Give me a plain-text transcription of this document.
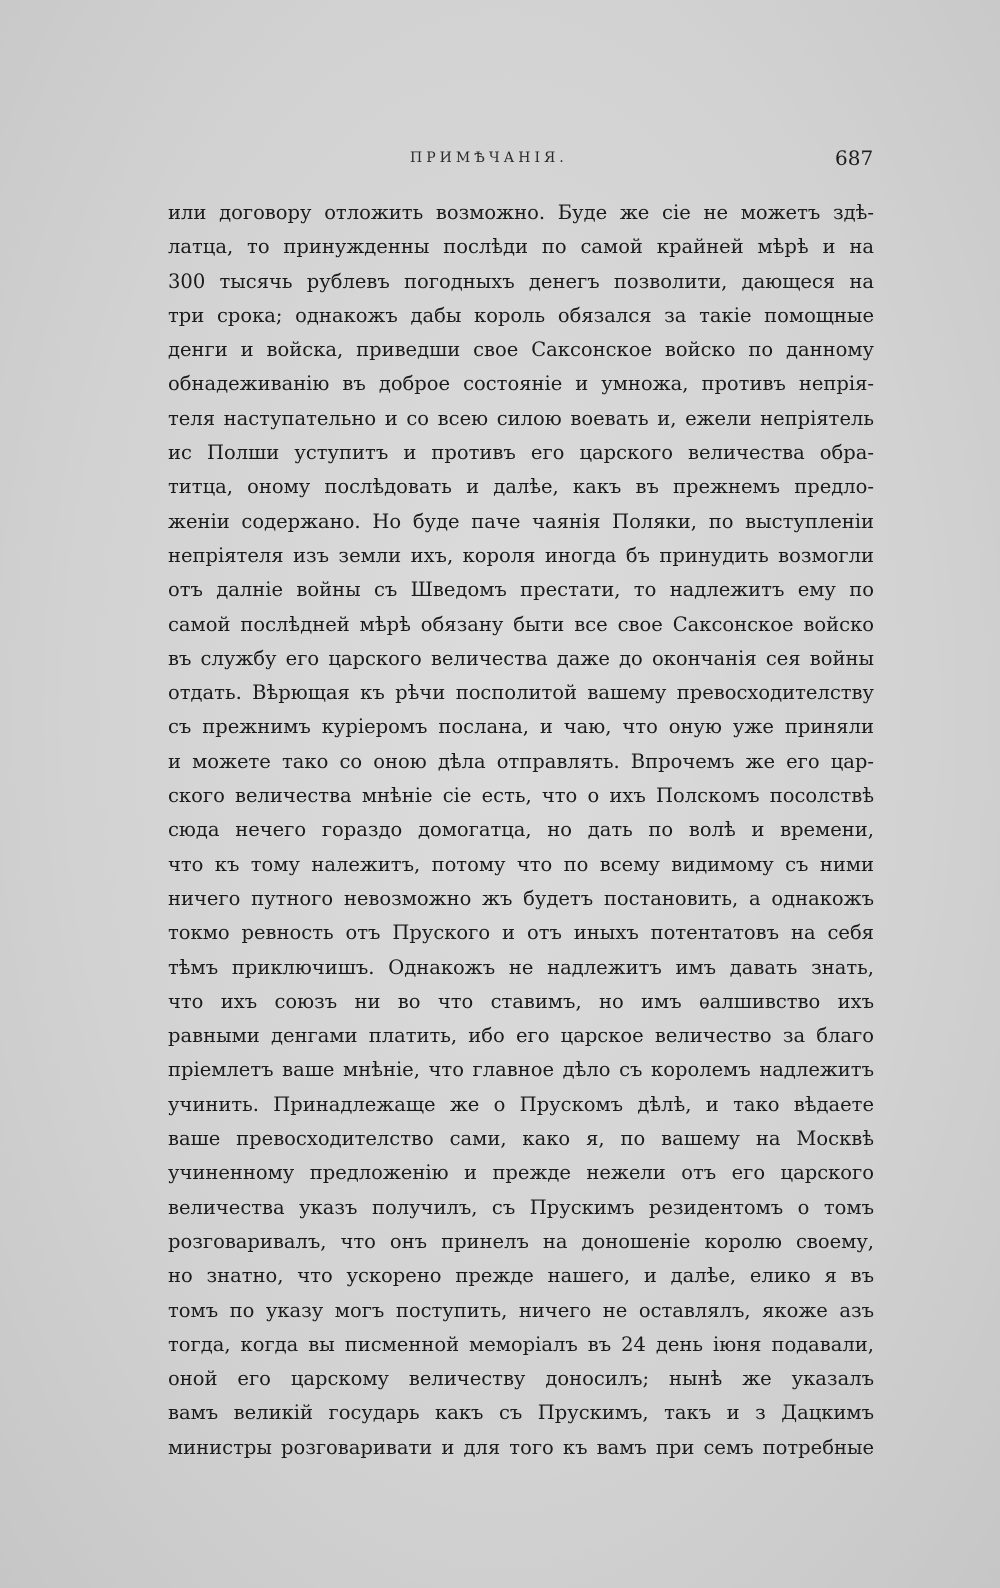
ПРИМѢЧАНІЯ.	687
или договору отложить возможно. Буде же сіе не можетъ здѣ-
латца, то принужденны послѣди по самой крайней мѣрѣ и на
300 тысячь рублевъ погодныхъ денегъ позволити, дающеся на
три срока; однакожъ дабы король обязался за такіе помощные
денги и войска, приведши свое Саксонское войско по данному
обнадеживанію въ доброе состояніе и умножа, противъ непрія-
теля наступательно и со всею силою воевать и, ежели непріятель
ис Полши уступитъ и противъ его царского величества обра-
титца, оному послѣдовать и далѣе, какъ въ прежнемъ предло-
женіи содержано. Но буде паче чаянія Поляки, по выступленіи
непріятеля изъ земли ихъ, короля иногда бъ принудить возмогли
отъ далніе войны съ Шведомъ престати, то надлежитъ ему по
самой послѣдней мѣрѣ обязану быти все свое Саксонское войско
въ службу его царского величества даже до окончанія сея войны
отдать. Вѣрющая къ рѣчи посполитой вашему превосходителству
съ прежнимъ куріеромъ послана, и чаю, что оную уже приняли
и можете тако со оною дѣла отправлять. Впрочемъ же его цар-
ского величества мнѣніе сіе есть, что о ихъ Полскомъ посолствѣ
сюда нечего гораздо домогатца, но дать по волѣ и времени,
что къ тому належитъ, потому что по всему видимому съ ними
ничего путного невозможно жъ будетъ постановить, а однакожъ
токмо ревность отъ Пруского и отъ иныхъ потентатовъ на себя
тѣмъ приключишъ. Однакожъ не надлежитъ имъ давать знать,
что ихъ союзъ ни во что ставимъ, но имъ ѳалшивство ихъ
равными денгами платить, ибо его царское величество за благо
пріемлетъ ваше мнѣніе, что главное дѣло съ королемъ надлежитъ
учинить. Принадлежаще же о Прускомъ дѣлѣ, и тако вѣдаете
ваше превосходителство сами, како я, по вашему на Москвѣ
учиненному предложенію и прежде нежели отъ его царского
величества указъ получилъ, съ Прускимъ резидентомъ о томъ
розговаривалъ, что онъ принелъ на доношеніе королю своему,
но знатно, что ускорено прежде нашего, и далѣе, елико я въ
томъ по указу могъ поступить, ничего не оставлялъ, якоже азъ
тогда, когда вы писменной меморіалъ въ 24 день іюня подавали,
оной его царскому величеству доносилъ; нынѣ же указалъ
вамъ великій государь какъ съ Прускимъ, такъ и з Дацкимъ
министры розговаривати и для того къ вамъ при семъ потребные
